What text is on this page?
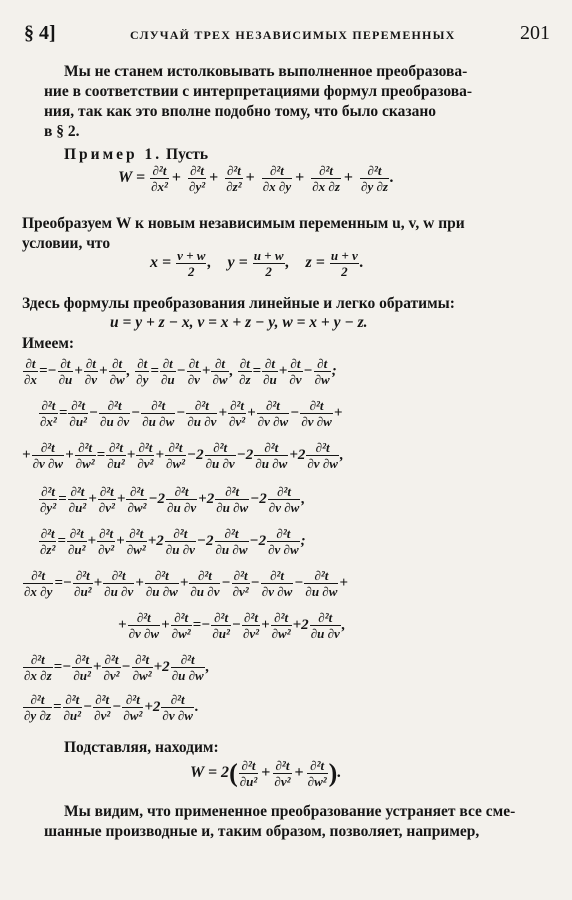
§ 4]	СЛУЧАЙ ТРЕХ НЕЗАВИСИМЫХ ПЕРЕМЕННЫХ	201
Мы не станем истолковывать выполненное преобразова-
ние в соответствии с интерпретациями формул преобразова-
ния, так как это вполне подобно тому, что было сказано
в § 2.
Пример 1. Пусть
$W = \frac{\text{∂²t}}{\text{∂x²}} + \frac{\text{∂²t}}{\text{∂y²}} + \frac{\text{∂²t}}{\text{∂z²}} + \frac{\text{∂²t}}{\partial x \partial y} + \frac{\text{∂²t}}{\partial x \partial z} + \frac{\text{∂²t}}{\partial y \partial z}$ .
Преобразуем W к новым независимым переменным u, v, w при
условии, что
$x = \frac{v + w}{2}$ , $y = \frac{u + w}{2}$ , $z = \frac{u + v}{2}$ .
Здесь формулы преобразования линейные и легко обратимы:
u = y + z − x, v = x + z − y, w = x + y − z.
Имеем:
$\frac{\partial t}{\partial x} =- \frac{\partial t}{\partial u} + \frac{\partial t}{\partial v} + \frac{\partial t}{\partial w}$ , $\frac{\partial t}{\partial y} = \frac{\partial t}{\partial u} - \frac{\partial t}{\partial v} + \frac{\partial t}{\partial w}$ , $\frac{\partial t}{\partial z} = \frac{\partial t}{\partial u} + \frac{\partial t}{\partial v} - \frac{\partial t}{\partial w}$ ;
$\frac{\text{∂²t}}{\text{∂x²}} = \frac{\text{∂²t}}{\text{∂u²}} - \frac{\text{∂²t}}{\partial u \partial v} - \frac{\text{∂²t}}{\partial u \partial w} - \frac{\text{∂²t}}{\partial u \partial v} + \frac{\text{∂²t}}{\text{∂v²}} + \frac{\text{∂²t}}{\partial v \partial w} - \frac{\text{∂²t}}{\partial v \partial w}$ +
+ $\frac{\text{∂²t}}{\partial v \partial w} + \frac{\text{∂²t}}{\text{∂w²}} = \frac{\text{∂²t}}{\text{∂u²}} + \frac{\text{∂²t}}{\text{∂v²}} + \frac{\text{∂²t}}{\text{∂w²}} -2 \frac{\text{∂²t}}{\partial u \partial v} -2 \frac{\text{∂²t}}{\partial u \partial w} +2 \frac{\text{∂²t}}{\partial v \partial w}$ ,
$\frac{\text{∂²t}}{\text{∂y²}} = \frac{\text{∂²t}}{\text{∂u²}} + \frac{\text{∂²t}}{\text{∂v²}} + \frac{\text{∂²t}}{\text{∂w²}} -2 \frac{\text{∂²t}}{\partial u \partial v} +2 \frac{\text{∂²t}}{\partial u \partial w} -2 \frac{\text{∂²t}}{\partial v \partial w}$ ,
$\frac{\text{∂²t}}{\text{∂z²}} = \frac{\text{∂²t}}{\text{∂u²}} + \frac{\text{∂²t}}{\text{∂v²}} + \frac{\text{∂²t}}{\text{∂w²}} +2 \frac{\text{∂²t}}{\partial u \partial v} -2 \frac{\text{∂²t}}{\partial u \partial w} -2 \frac{\text{∂²t}}{\partial v \partial w}$ ;
$\frac{\text{∂²t}}{\partial x \partial y} =- \frac{\text{∂²t}}{\text{∂u²}} + \frac{\text{∂²t}}{\partial u \partial v} + \frac{\text{∂²t}}{\partial u \partial w} + \frac{\text{∂²t}}{\partial u \partial v} - \frac{\text{∂²t}}{\text{∂v²}} - \frac{\text{∂²t}}{\partial v \partial w} - \frac{\text{∂²t}}{\partial u \partial w}$ +
+ $\frac{\text{∂²t}}{\partial v \partial w} + \frac{\text{∂²t}}{\text{∂w²}} =- \frac{\text{∂²t}}{\text{∂u²}} - \frac{\text{∂²t}}{\text{∂v²}} + \frac{\text{∂²t}}{\text{∂w²}} +2 \frac{\text{∂²t}}{\partial u \partial v}$ ,
$\frac{\text{∂²t}}{\partial x \partial z} =- \frac{\text{∂²t}}{\text{∂u²}} + \frac{\text{∂²t}}{\text{∂v²}} - \frac{\text{∂²t}}{\text{∂w²}} +2 \frac{\text{∂²t}}{\partial u \partial w}$ ,
$\frac{\text{∂²t}}{\partial y \partial z} = \frac{\text{∂²t}}{\text{∂u²}} - \frac{\text{∂²t}}{\text{∂v²}} - \frac{\text{∂²t}}{\text{∂w²}} +2 \frac{\text{∂²t}}{\partial v \partial w}$ .
Подставляя, находим:
$W = 2( \frac{\text{∂²t}}{\text{∂u²}} + \frac{\text{∂²t}}{\text{∂v²}} + \frac{\text{∂²t}}{\text{∂w²}}$ ).
Мы видим, что примененное преобразование устраняет все сме-
шанные производные и, таким образом, позволяет, например,
